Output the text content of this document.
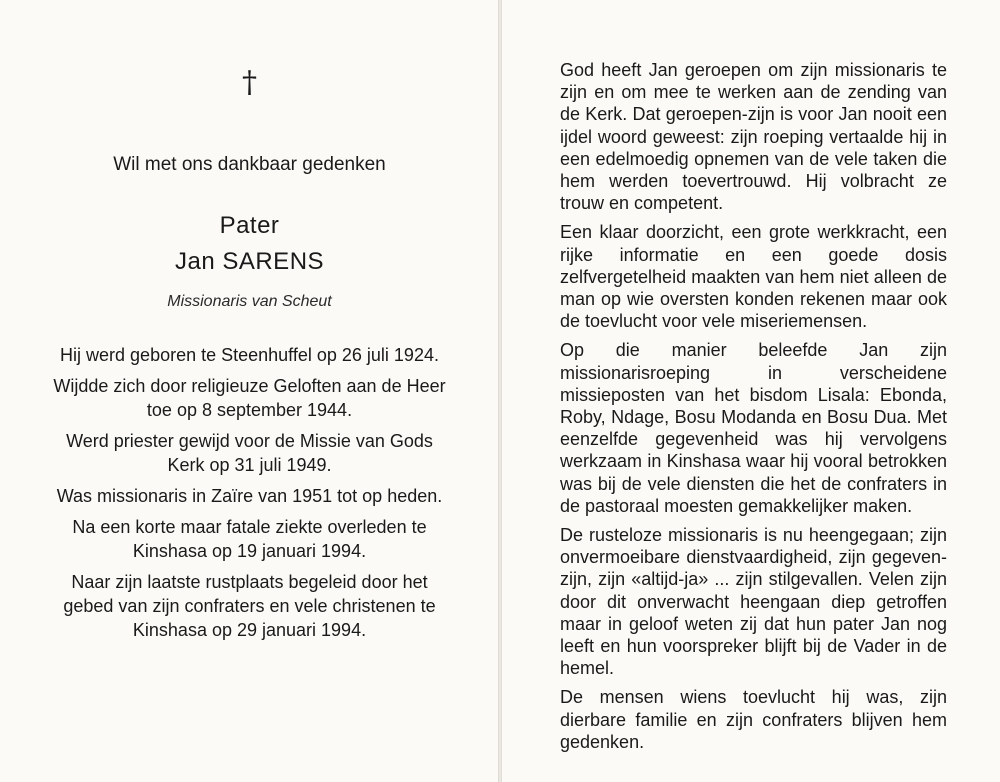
†
Wil met ons dankbaar gedenken
Pater
Jan SARENS
Missionaris van Scheut

Hij werd geboren te Steenhuffel op 26 juli 1924.

Wijdde zich door religieuze Geloften aan de Heer toe op 8 september 1944.

Werd priester gewijd voor de Missie van Gods Kerk op 31 juli 1949.

Was missionaris in Zaïre van 1951 tot op heden.

Na een korte maar fatale ziekte overleden te Kinshasa op 19 januari 1994.

Naar zijn laatste rustplaats begeleid door het gebed van zijn confraters en vele christenen te Kinshasa op 29 januari 1994.

God heeft Jan geroepen om zijn missionaris te zijn en om mee te werken aan de zending van de Kerk. Dat geroepen-zijn is voor Jan nooit een ijdel woord geweest: zijn roeping vertaalde hij in een edelmoedig opnemen van de vele taken die hem werden toevertrouwd. Hij volbracht ze trouw en competent.

Een klaar doorzicht, een grote werkkracht, een rijke informatie en een goede dosis zelfvergetelheid maakten van hem niet alleen de man op wie oversten konden rekenen maar ook de toevlucht voor vele miseriemensen.

Op die manier beleefde Jan zijn missionarisroeping in verscheidene missieposten van het bisdom Lisala: Ebonda, Roby, Ndage, Bosu Modanda en Bosu Dua. Met eenzelfde gegevenheid was hij vervolgens werkzaam in Kinshasa waar hij vooral betrokken was bij de vele diensten die het de confraters in de pastoraal moesten gemakkelijker maken.

De rusteloze missionaris is nu heengegaan; zijn onvermoeibare dienstvaardigheid, zijn gegeven-zijn, zijn «altijd-ja» ... zijn stilgevallen. Velen zijn door dit onverwacht heengaan diep getroffen maar in geloof weten zij dat hun pater Jan nog leeft en hun voorspreker blijft bij de Vader in de hemel.

De mensen wiens toevlucht hij was, zijn dierbare familie en zijn confraters blijven hem gedenken.
